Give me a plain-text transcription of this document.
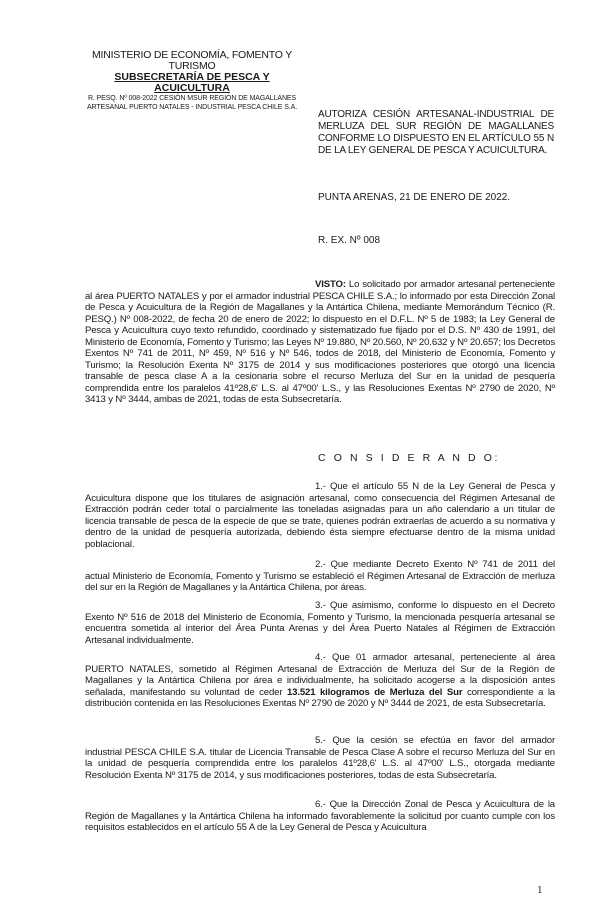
MINISTERIO DE ECONOMÍA, FOMENTO Y TURISMO
SUBSECRETARÍA DE PESCA Y ACUICULTURA
R. PESQ. Nº 008-2022 CESIÓN MSUR REGIÓN DE MAGALLANES
ARTESANAL PUERTO NATALES - INDUSTRIAL PESCA CHILE S.A.
AUTORIZA CESIÓN ARTESANAL-INDUSTRIAL DE MERLUZA DEL SUR REGIÓN DE MAGALLANES CONFORME LO DISPUESTO EN EL ARTÍCULO 55 N DE LA LEY GENERAL DE PESCA Y ACUICULTURA.
PUNTA ARENAS, 21 DE ENERO DE 2022.
R. EX. Nº 008
VISTO: Lo solicitado por armador artesanal perteneciente al área PUERTO NATALES y por el armador industrial PESCA CHILE S.A.; lo informado por esta Dirección Zonal de Pesca y Acuicultura de la Región de Magallanes y la Antártica Chilena, mediante Memorándum Técnico (R. PESQ.) Nº 008-2022, de fecha 20 de enero de 2022; lo dispuesto en el D.F.L. Nº 5 de 1983; la Ley General de Pesca y Acuicultura cuyo texto refundido, coordinado y sistematizado fue fijado por el D.S. Nº 430 de 1991, del Ministerio de Economía, Fomento y Turismo; las Leyes Nº 19.880, Nº 20.560, Nº 20.632 y Nº 20.657; los Decretos Exentos Nº 741 de 2011, Nº 459, Nº 516 y Nº 546, todos de 2018, del Ministerio de Economía, Fomento y Turismo; la Resolución Exenta Nº 3175 de 2014 y sus modificaciones posteriores que otorgó una licencia transable de pesca clase A a la cesionaria sobre el recurso Merluza del Sur en la unidad de pesquería comprendida entre los paralelos 41º28,6' L.S. al 47º00' L.S., y las Resoluciones Exentas Nº 2790 de 2020, Nº 3413 y Nº 3444, ambas de 2021, todas de esta Subsecretaría.
C O N S I D E R A N D O:
1.- Que el artículo 55 N de la Ley General de Pesca y Acuicultura dispone que los titulares de asignación artesanal, como consecuencia del Régimen Artesanal de Extracción podrán ceder total o parcialmente las toneladas asignadas para un año calendario a un titular de licencia transable de pesca de la especie de que se trate, quienes podrán extraerlas de acuerdo a su normativa y dentro de la unidad de pesquería autorizada, debiendo ésta siempre efectuarse dentro de la misma unidad poblacional.
2.- Que mediante Decreto Exento Nº 741 de 2011 del actual Ministerio de Economía, Fomento y Turismo se estableció el Régimen Artesanal de Extracción de merluza del sur en la Región de Magallanes y la Antártica Chilena, por áreas.
3.- Que asimismo, conforme lo dispuesto en el Decreto Exento Nº 516 de 2018 del Ministerio de Economía, Fomento y Turismo, la mencionada pesquería artesanal se encuentra sometida al interior del Área Punta Arenas y del Área Puerto Natales al Régimen de Extracción Artesanal individualmente.
4.- Que 01 armador artesanal, perteneciente al área PUERTO NATALES, sometido al Régimen Artesanal de Extracción de Merluza del Sur de la Región de Magallanes y la Antártica Chilena por área e individualmente, ha solicitado acogerse a la disposición antes señalada, manifestando su voluntad de ceder 13.521 kilogramos de Merluza del Sur correspondiente a la distribución contenida en las Resoluciones Exentas Nº 2790 de 2020 y Nº 3444 de 2021, de esta Subsecretaría.
5.- Que la cesión se efectúa en favor del armador industrial PESCA CHILE S.A. titular de Licencia Transable de Pesca Clase A sobre el recurso Merluza del Sur en la unidad de pesquería comprendida entre los paralelos 41º28,6' L.S. al 47º00' L.S., otorgada mediante Resolución Exenta Nº 3175 de 2014, y sus modificaciones posteriores, todas de esta Subsecretaría.
6.- Que la Dirección Zonal de Pesca y Acuicultura de la Región de Magallanes y la Antártica Chilena ha informado favorablemente la solicitud por cuanto cumple con los requisitos establecidos en el artículo 55 A de la Ley General de Pesca y Acuicultura
1
